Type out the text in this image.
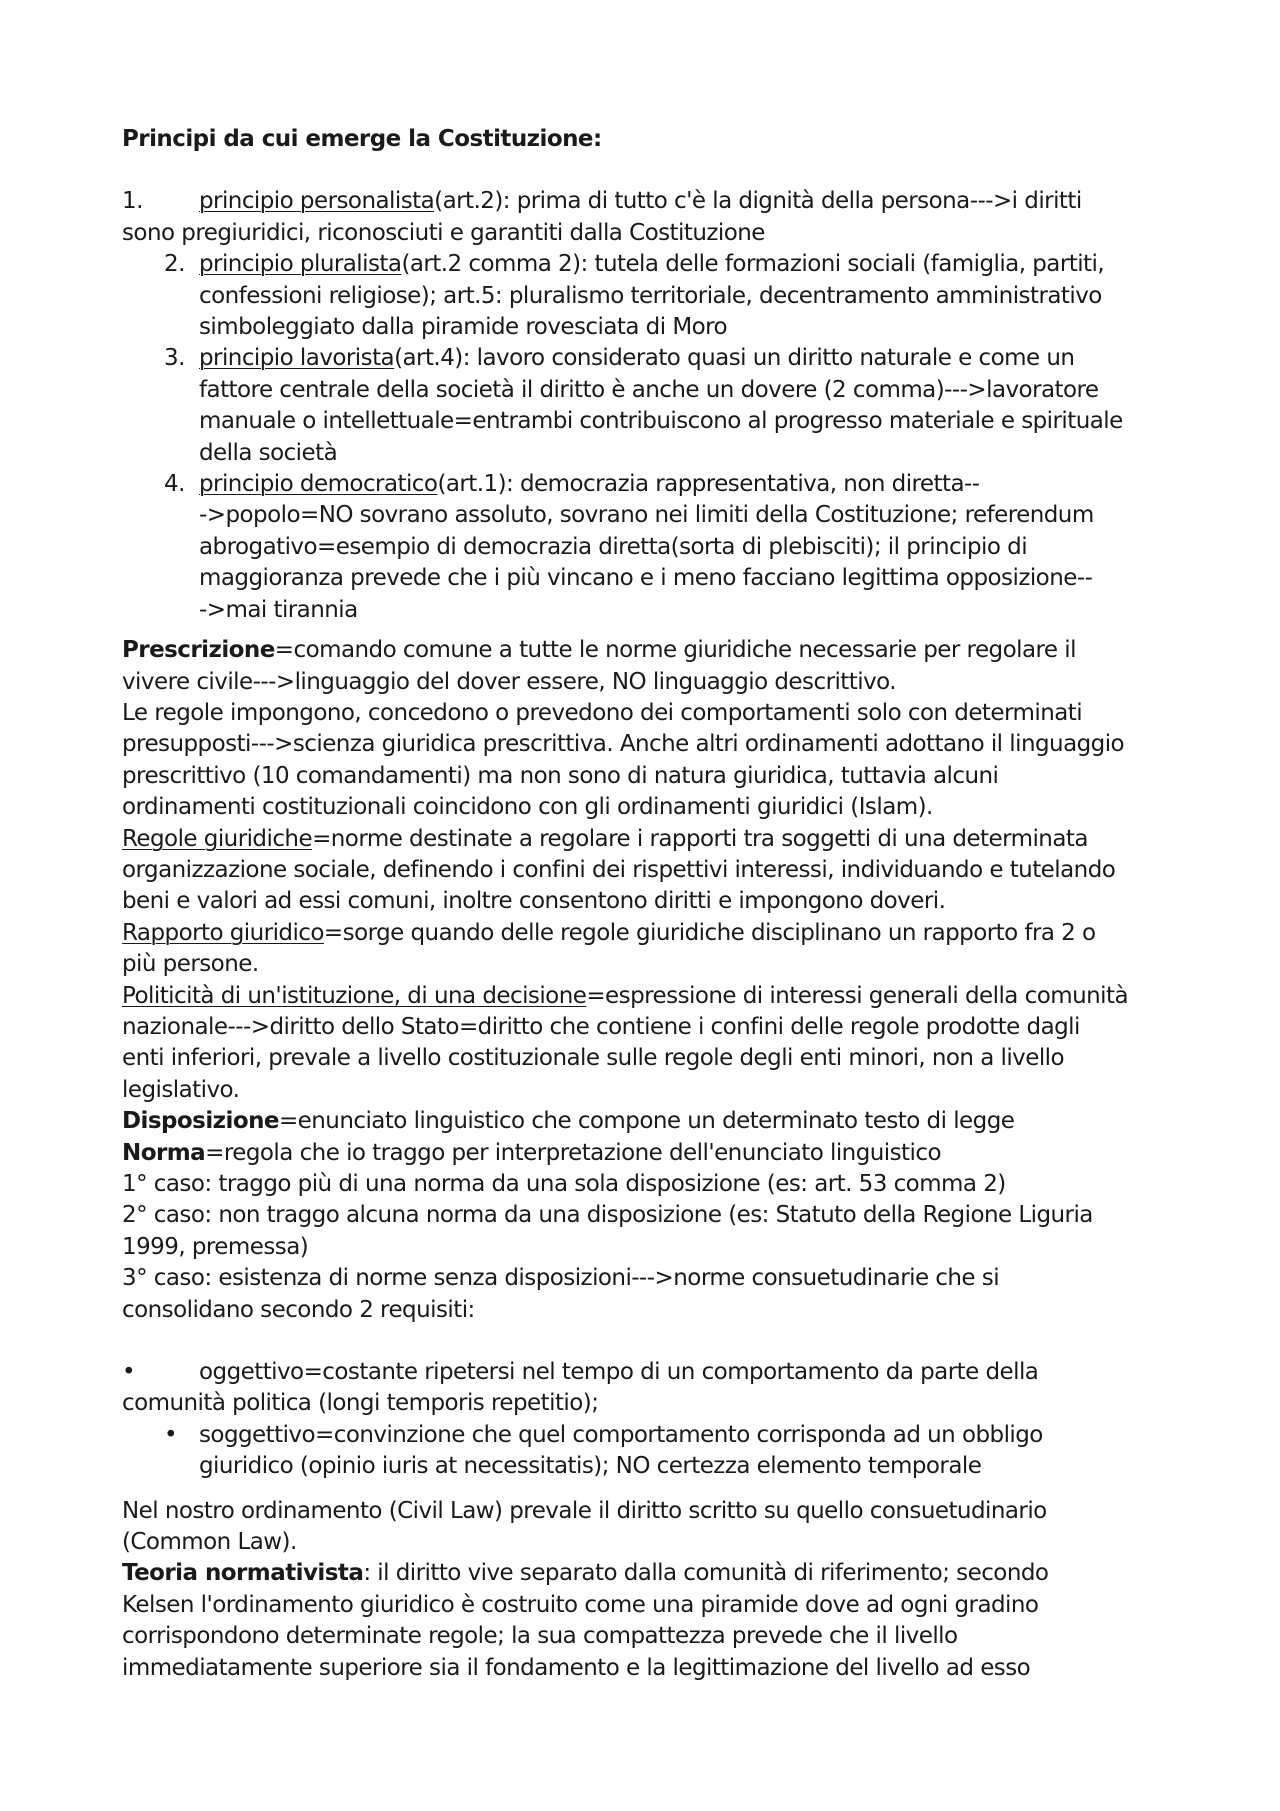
Principi da cui emerge la Costituzione:
1. principio personalista(art.2): prima di tutto c'è la dignità della persona--->i diritti
sono pregiuridici, riconosciuti e garantiti dalla Costituzione
2. principio pluralista(art.2 comma 2): tutela delle formazioni sociali (famiglia, partiti,
confessioni religiose); art.5: pluralismo territoriale, decentramento amministrativo
simboleggiato dalla piramide rovesciata di Moro
3. principio lavorista(art.4): lavoro considerato quasi un diritto naturale e come un
fattore centrale della società il diritto è anche un dovere (2 comma)--->lavoratore
manuale o intellettuale=entrambi contribuiscono al progresso materiale e spirituale
della società
4. principio democratico(art.1): democrazia rappresentativa, non diretta--
->popolo=NO sovrano assoluto, sovrano nei limiti della Costituzione; referendum
abrogativo=esempio di democrazia diretta(sorta di plebisciti); il principio di
maggioranza prevede che i più vincano e i meno facciano legittima opposizione--
->mai tirannia
Prescrizione=comando comune a tutte le norme giuridiche necessarie per regolare il
vivere civile--->linguaggio del dover essere, NO linguaggio descrittivo.
Le regole impongono, concedono o prevedono dei comportamenti solo con determinati
presupposti--->scienza giuridica prescrittiva. Anche altri ordinamenti adottano il linguaggio
prescrittivo (10 comandamenti) ma non sono di natura giuridica, tuttavia alcuni
ordinamenti costituzionali coincidono con gli ordinamenti giuridici (Islam).
Regole giuridiche=norme destinate a regolare i rapporti tra soggetti di una determinata
organizzazione sociale, definendo i confini dei rispettivi interessi, individuando e tutelando
beni e valori ad essi comuni, inoltre consentono diritti e impongono doveri.
Rapporto giuridico=sorge quando delle regole giuridiche disciplinano un rapporto fra 2 o
più persone.
Politicità di un'istituzione, di una decisione=espressione di interessi generali della comunità
nazionale--->diritto dello Stato=diritto che contiene i confini delle regole prodotte dagli
enti inferiori, prevale a livello costituzionale sulle regole degli enti minori, non a livello
legislativo.
Disposizione=enunciato linguistico che compone un determinato testo di legge
Norma=regola che io traggo per interpretazione dell'enunciato linguistico
1° caso: traggo più di una norma da una sola disposizione (es: art. 53 comma 2)
2° caso: non traggo alcuna norma da una disposizione (es: Statuto della Regione Liguria
1999, premessa)
3° caso: esistenza di norme senza disposizioni--->norme consuetudinarie che si
consolidano secondo 2 requisiti:
•	oggettivo=costante ripetersi nel tempo di un comportamento da parte della
comunità politica (longi temporis repetitio);
• soggettivo=convinzione che quel comportamento corrisponda ad un obbligo
giuridico (opinio iuris at necessitatis); NO certezza elemento temporale
Nel nostro ordinamento (Civil Law) prevale il diritto scritto su quello consuetudinario
(Common Law).
Teoria normativista: il diritto vive separato dalla comunità di riferimento; secondo
Kelsen l'ordinamento giuridico è costruito come una piramide dove ad ogni gradino
corrispondono determinate regole; la sua compattezza prevede che il livello
immediatamente superiore sia il fondamento e la legittimazione del livello ad esso
